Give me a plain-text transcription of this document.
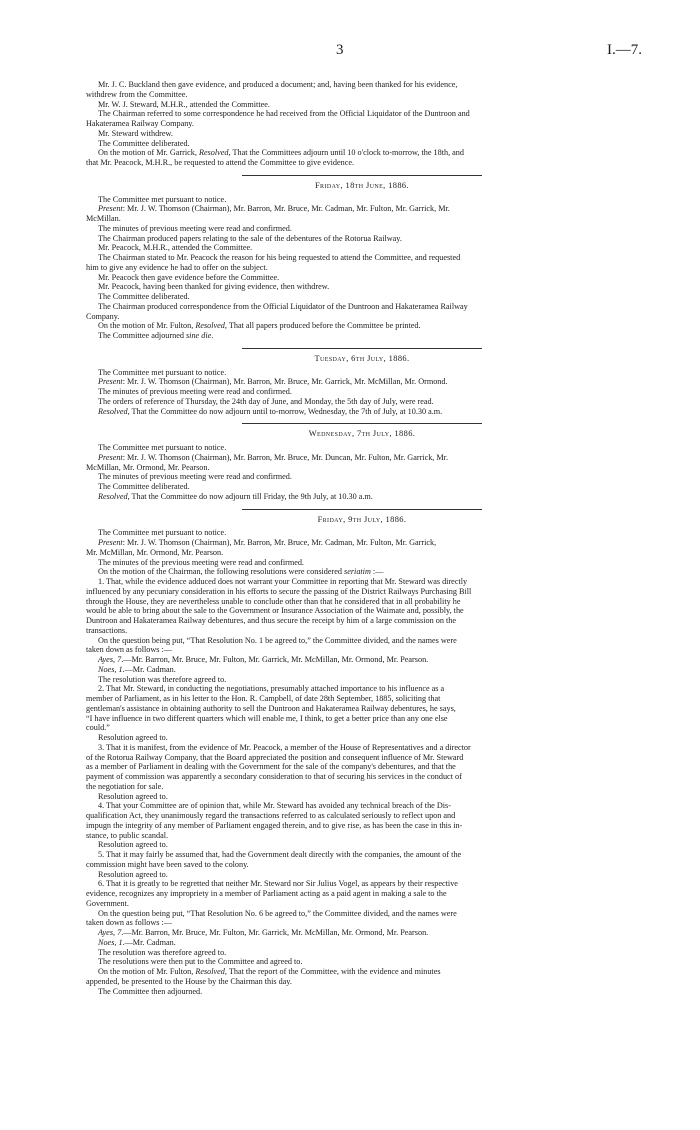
3	I.—7.

Mr. J. C. Buckland then gave evidence, and produced a document; and, having been thanked for his evidence,

withdrew from the Committee.

Mr. W. J. Steward, M.H.R., attended the Committee.

The Chairman referred to some correspondence he had received from the Official Liquidator of the Duntroon and

Hakateramea Railway Company.

Mr. Steward withdrew.

The Committee deliberated.

On the motion of Mr. Garrick, Resolved, That the Committees adjourn until 10 o'clock to-morrow, the 18th, and

that Mr. Peacock, M.H.R., be requested to attend the Committee to give evidence.

Friday, 18th June, 1886.

The Committee met pursuant to notice.

Present: Mr. J. W. Thomson (Chairman), Mr. Barron, Mr. Bruce, Mr. Cadman, Mr. Fulton, Mr. Garrick, Mr.

McMillan.

The minutes of previous meeting were read and confirmed.

The Chairman produced papers relating to the sale of the debentures of the Rotorua Railway.

Mr. Peacock, M.H.R., attended the Committee.

The Chairman stated to Mr. Peacock the reason for his being requested to attend the Committee, and requested

him to give any evidence he had to offer on the subject.

Mr. Peacock then gave evidence before the Committee.

Mr. Peacock, having been thanked for giving evidence, then withdrew.

The Committee deliberated.

The Chairman produced correspondence from the Official Liquidator of the Duntroon and Hakateramea Railway

Company.

On the motion of Mr. Fulton, Resolved, That all papers produced before the Committee be printed.

The Committee adjourned sine die.

Tuesday, 6th July, 1886.

The Committee met pursuant to notice.

Present: Mr. J. W. Thomson (Chairman), Mr. Barron, Mr. Bruce, Mr. Garrick, Mr. McMillan, Mr. Ormond.

The minutes of previous meeting were read and confirmed.

The orders of reference of Thursday, the 24th day of June, and Monday, the 5th day of July, were read.

Resolved, That the Committee do now adjourn until to-morrow, Wednesday, the 7th of July, at 10.30 a.m.

Wednesday, 7th July, 1886.

The Committee met pursuant to notice.

Present: Mr. J. W. Thomson (Chairman), Mr. Barron, Mr. Bruce, Mr. Duncan, Mr. Fulton, Mr. Garrick, Mr.

McMillan, Mr. Ormond, Mr. Pearson.

The minutes of previous meeting were read and confirmed.

The Committee deliberated.

Resolved, That the Committee do now adjourn till Friday, the 9th July, at 10.30 a.m.

Friday, 9th July, 1886.

The Committee met pursuant to notice.

Present: Mr. J. W. Thomson (Chairman), Mr. Barron, Mr. Bruce, Mr. Cadman, Mr. Fulton, Mr. Garrick,

Mr. McMillan, Mr. Ormond, Mr. Pearson.

The minutes of the previous meeting were read and confirmed.

On the motion of the Chairman, the following resolutions were considered seriatim :—

1. That, while the evidence adduced does not warrant your Committee in reporting that Mr. Steward was directly

influenced by any pecuniary consideration in his efforts to secure the passing of the District Railways Purchasing Bill

through the House, they are nevertheless unable to conclude other than that he considered that in all probability he

would be able to bring about the sale to the Government or Insurance Association of the Waimate and, possibly, the

Duntroon and Hakateramea Railway debentures, and thus secure the receipt by him of a large commission on the

transactions.

On the question being put, “That Resolution No. 1 be agreed to,” the Committee divided, and the names were

taken down as follows :—

Ayes, 7.—Mr. Barron, Mr. Bruce, Mr. Fulton, Mr. Garrick, Mr. McMillan, Mr. Ormond, Mr. Pearson.

Noes, 1.—Mr. Cadman.

The resolution was therefore agreed to.

2. That Mr. Steward, in conducting the negotiations, presumably attached importance to his influence as a

member of Parliament, as in his letter to the Hon. R. Campbell, of date 28th September, 1885, soliciting that

gentleman's assistance in obtaining authority to sell the Duntroon and Hakateramea Railway debentures, he says,

“I have influence in two different quarters which will enable me, I think, to get a better price than any one else

could.”

Resolution agreed to.

3. That it is manifest, from the evidence of Mr. Peacock, a member of the House of Representatives and a director

of the Rotorua Railway Company, that the Board appreciated the position and consequent influence of Mr. Steward

as a member of Parliament in dealing with the Government for the sale of the company's debentures, and that the

payment of commission was apparently a secondary consideration to that of securing his services in the conduct of

the negotiation for sale.

Resolution agreed to.

4. That your Committee are of opinion that, while Mr. Steward has avoided any technical breach of the Dis-

qualification Act, they unanimously regard the transactions referred to as calculated seriously to reflect upon and

impugn the integrity of any member of Parliament engaged therein, and to give rise, as has been the case in this in-

stance, to public scandal.

Resolution agreed to.

5. That it may fairly be assumed that, had the Government dealt directly with the companies, the amount of the

commission might have been saved to the colony.

Resolution agreed to.

6. That it is greatly to be regretted that neither Mr. Steward nor Sir Julius Vogel, as appears by their respective

evidence, recognizes any impropriety in a member of Parliament acting as a paid agent in making a sale to the

Government.

On the question being put, “That Resolution No. 6 be agreed to,” the Committee divided, and the names were

taken down as follows :—

Ayes, 7.—Mr. Barron, Mr. Bruce, Mr. Fulton, Mr. Garrick, Mr. McMillan, Mr. Ormond, Mr. Pearson.

Noes, 1.—Mr. Cadman.

The resolution was therefore agreed to.

The resolutions were then put to the Committee and agreed to.

On the motion of Mr. Fulton, Resolved, That the report of the Committee, with the evidence and minutes

appended, be presented to the House by the Chairman this day.

The Committee then adjourned.
